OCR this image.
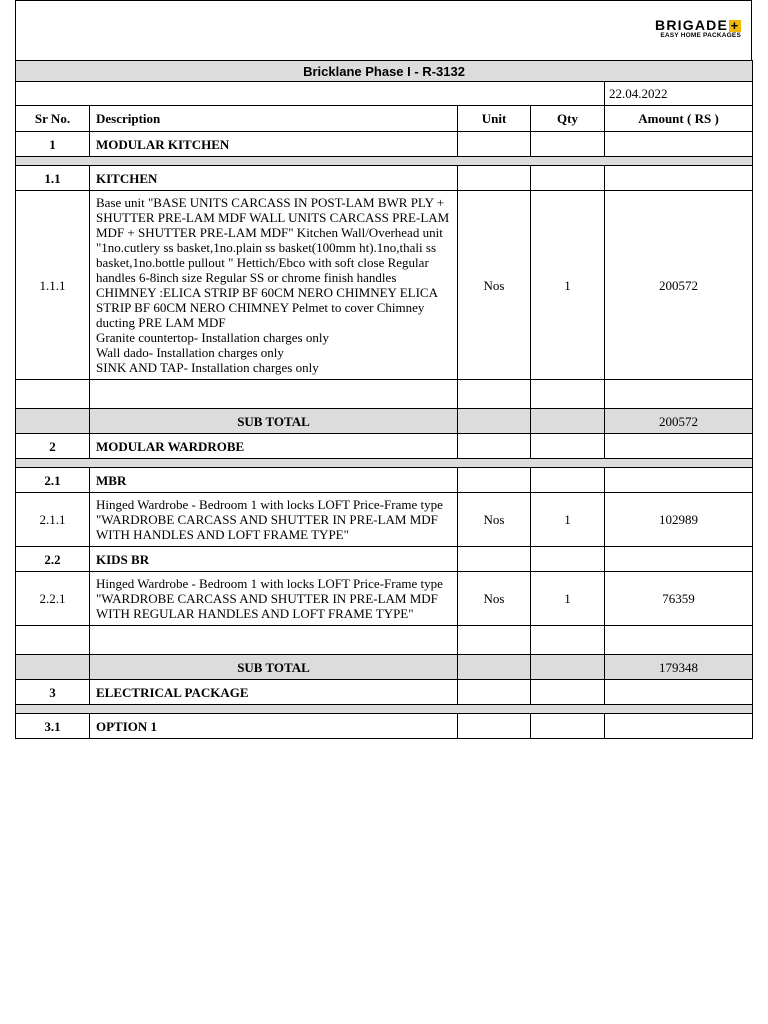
BRIGADE +
EASY HOME PACKAGES
Bricklane Phase I - R-3132				
				22.04.2022
Sr No.	Description	Unit	Qty	Amount ( RS )
1	MODULAR KITCHEN			

1.1	KITCHEN			
1.1.1	Base unit "BASE UNITS CARCASS IN POST-LAM BWR PLY + SHUTTER PRE-LAM MDF WALL UNITS CARCASS PRE-LAM MDF + SHUTTER PRE-LAM MDF" Kitchen Wall/Overhead unit "1no.cutlery ss basket,1no.plain ss basket(100mm ht).1no,thali ss basket,1no.bottle pullout " Hettich/Ebco with soft close Regular handles 6-8inch size Regular SS or chrome finish handles CHIMNEY :ELICA STRIP BF 60CM NERO CHIMNEY ELICA STRIP BF 60CM NERO CHIMNEY Pelmet to cover Chimney ducting PRE LAM MDF
Granite countertop- Installation charges only
Wall dado- Installation charges only
SINK AND TAP- Installation charges only	Nos	1	200572

	SUB TOTAL			200572
2	MODULAR WARDROBE			

2.1	MBR			
2.1.1	Hinged Wardrobe - Bedroom 1 with locks LOFT Price-Frame type
"WARDROBE CARCASS AND SHUTTER IN PRE-LAM MDF WITH HANDLES AND LOFT FRAME TYPE"	Nos	1	102989
2.2	KIDS BR			
2.2.1	Hinged Wardrobe - Bedroom 1 with locks LOFT Price-Frame type
"WARDROBE CARCASS AND SHUTTER IN PRE-LAM MDF WITH REGULAR HANDLES AND LOFT FRAME TYPE"	Nos	1	76359

	SUB TOTAL			179348
3	ELECTRICAL PACKAGE			

3.1	OPTION 1			
